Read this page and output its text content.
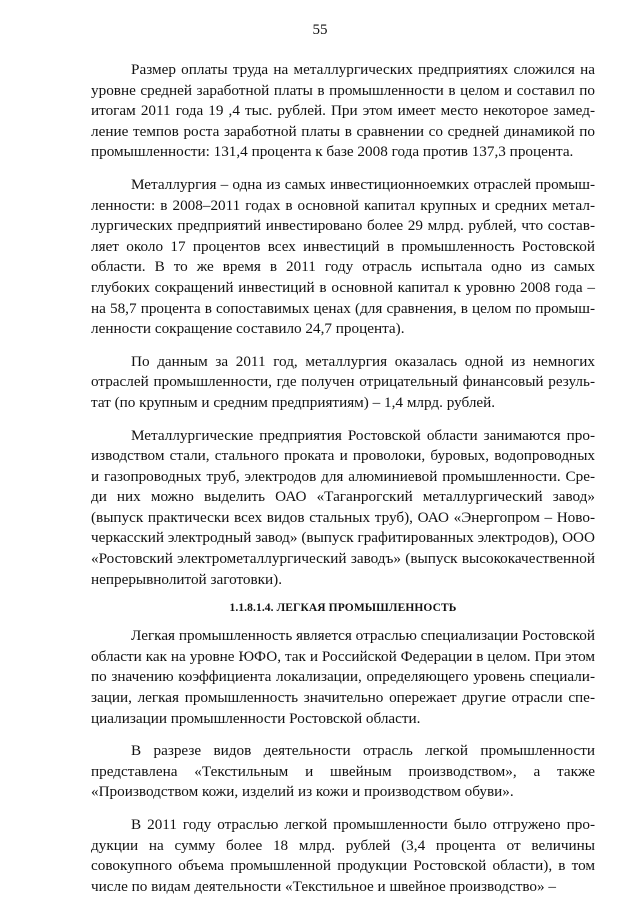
55

Размер оплаты труда на металлургических предприятиях сложился на уровне средней заработной платы в промышленности в целом и составил по итогам 2011 года 19 ,4 тыс. рублей. При этом имеет место некоторое замедление темпов роста заработной платы в сравнении со средней динамикой по промышленности: 131,4 процента к базе 2008 года против 137,3 процента.

Металлургия – одна из самых инвестиционноемких отраслей промышленности: в 2008–2011 годах в основной капитал крупных и средних металлургических предприятий инвестировано более 29 млрд. рублей, что составляет около 17 процентов всех инвестиций в промышленность Ростовской области. В то же время в 2011 году отрасль испытала одно из самых глубоких сокращений инвестиций в основной капитал к уровню 2008 года – на 58,7 процента в сопоставимых ценах (для сравнения, в целом по промышленности сокращение составило 24,7 процента).

По данным за 2011 год, металлургия оказалась одной из немногих отраслей промышленности, где получен отрицательный финансовый результат (по крупным и средним предприятиям) – 1,4 млрд. рублей.

Металлургические предприятия Ростовской области занимаются производством стали, стального проката и проволоки, буровых, водопроводных и газопроводных труб, электродов для алюминиевой промышленности. Среди них можно выделить ОАО «Таганрогский металлургический завод» (выпуск практически всех видов стальных труб), ОАО «Энергопром – Новочеркасский электродный завод» (выпуск графитированных электродов), ООО «Ростовский электрометаллургический заводъ» (выпуск высококачественной непрерывнолитой заготовки).

1.1.8.1.4. ЛЕГКАЯ ПРОМЫШЛЕННОСТЬ

Легкая промышленность является отраслью специализации Ростовской области как на уровне ЮФО, так и Российской Федерации в целом. При этом по значению коэффициента локализации, определяющего уровень специализации, легкая промышленность значительно опережает другие отрасли специализации промышленности Ростовской области.

В разрезе видов деятельности отрасль легкой промышленности представлена «Текстильным и швейным производством», а также «Производством кожи, изделий из кожи и производством обуви».

В 2011 году отраслью легкой промышленности было отгружено продукции на сумму более 18 млрд. рублей (3,4 процента от величины совокупного объема промышленной продукции Ростовской области), в том числе по видам деятельности «Текстильное и швейное производство» –
